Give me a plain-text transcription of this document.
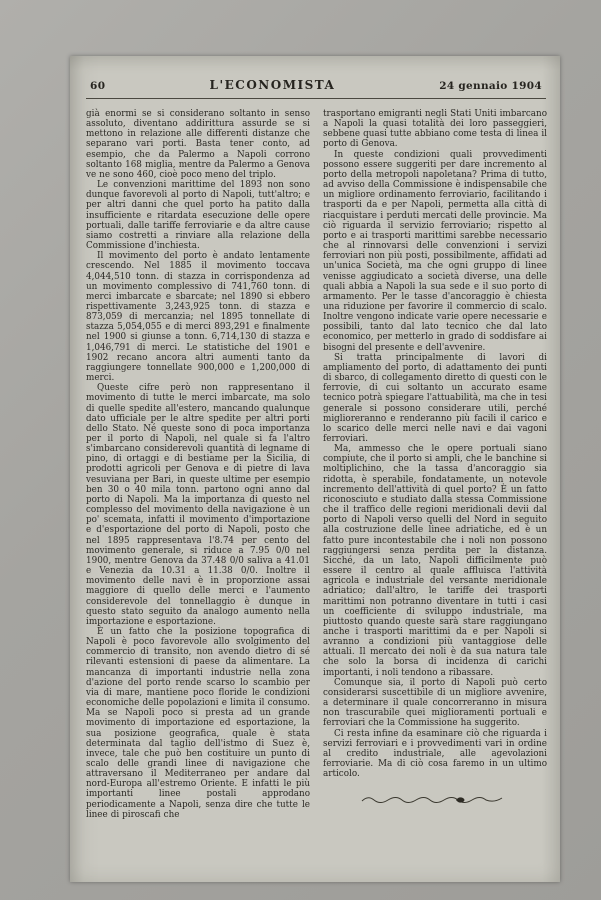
60	L'ECONOMISTA	24 gennaio 1904

già enormi se si considerano soltanto in senso assoluto, diventano addirittura assurde se si mettono in relazione alle differenti distanze che separano vari porti. Basta tener conto, ad esempio, che da Palermo a Napoli corrono soltanto 168 miglia, mentre da Palermo a Genova ve ne sono 460, cioè poco meno del triplo.

Le convenzioni marittime del 1893 non sono dunque favorevoli al porto di Napoli, tutt'altro; e per altri danni che quel porto ha patito dalla insufficiente e ritardata esecuzione delle opere portuali, dalle tariffe ferroviarie e da altre cause siamo costretti a rinviare alla relazione della Commissione d'inchiesta.

Il movimento del porto è andato lentamente crescendo. Nel 1885 il movimento toccava 4,044,510 tonn. di stazza in corrispondenza ad un movimento complessivo di 741,760 tonn. di merci imbarcate e sbarcate; nel 1890 si ebbero rispettivamente 3,243,925 tonn. di stazza e 873,059 di mercanzia; nel 1895 tonnellate di stazza 5,054,055 e di merci 893,291 e finalmente nel 1900 si giunse a tonn. 6,714,130 di stazza e 1,046,791 di merci. Le statistiche del 1901 e 1902 recano ancora altri aumenti tanto da raggiungere tonnellate 900,000 e 1,200,000 di merci.

Queste cifre però non rappresentano il movimento di tutte le merci imbarcate, ma solo di quelle spedite all'estero, mancando qualunque dato ufficiale per le altre spedite per altri porti dello Stato. Né queste sono di poca importanza per il porto di Napoli, nel quale si fa l'altro s'imbarcano considerevoli quantità di legname di pino, di ortaggi e di bestiame per la Sicilia, di prodotti agricoli per Genova e di pietre di lava vesuviana per Bari, in queste ultime per esempio ben 30 o 40 mila tonn. partono ogni anno dal porto di Napoli. Ma la importanza di questo nel complesso del movimento della navigazione è un po' scemata, infatti il movimento d'importazione e d'esportazione del porto di Napoli, posto che nel 1895 rappresentava l'8.74 per cento del movimento generale, si riduce a 7.95 0/0 nel 1900, mentre Genova da 37.48 0/0 saliva a 41.01 e Venezia da 10.31 a 11.38 0/0. Inoltre il movimento delle navi è in proporzione assai maggiore di quello delle merci e l'aumento considerevole del tonnellaggio è dunque in questo stato seguito da analogo aumento nella importazione e esportazione.

È un fatto che la posizione topografica di Napoli è poco favorevole allo svolgimento del commercio di transito, non avendo dietro di sé rilevanti estensioni di paese da alimentare. La mancanza di importanti industrie nella zona d'azione del porto rende scarso lo scambio per via di mare, mantiene poco floride le condizioni economiche delle popolazioni e limita il consumo. Ma se Napoli poco si presta ad un grande movimento di importazione ed esportazione, la sua posizione geografica, quale è stata determinata dal taglio dell'istmo di Suez è, invece, tale che può ben costituire un punto di scalo delle grandi linee di navigazione che attraversano il Mediterraneo per andare dal nord-Europa all'estremo Oriente. E infatti le più importanti linee postali approdano periodicamente a Napoli, senza dire che tutte le linee di piroscafi che

trasportano emigranti negli Stati Uniti imbarcano a Napoli la quasi totalità dei loro passeggieri, sebbene quasi tutte abbiano come testa di linea il porto di Genova.

In queste condizioni quali provvedimenti possono essere suggeriti per dare incremento al porto della metropoli napoletana? Prima di tutto, ad avviso della Commissione è indispensabile che un migliore ordinamento ferroviario, facilitando i trasporti da e per Napoli, permetta alla città di riacquistare i perduti mercati delle provincie. Ma ciò riguarda il servizio ferroviario; rispetto al porto e ai trasporti marittimi sarebbe necessario che al rinnovarsi delle convenzioni i servizi ferroviari non più posti, possibilmente, affidati ad un'unica Società, ma che ogni gruppo di linee venisse aggiudicato a società diverse, una delle quali abbia a Napoli la sua sede e il suo porto di armamento. Per le tasse d'ancoraggio è chiesta una riduzione per favorire il commercio di scalo. Inoltre vengono indicate varie opere necessarie e possibili, tanto dal lato tecnico che dal lato economico, per metterlo in grado di soddisfare ai bisogni del presente e dell'avvenire.

Si tratta principalmente di lavori di ampliamento del porto, di adattamento dei punti di sbarco, di collegamento diretto di questi con le ferrovie, di cui soltanto un accurato esame tecnico potrà spiegare l'attuabilità, ma che in tesi generale si possono considerare utili, perché miglioreranno e renderanno più facili il carico e lo scarico delle merci nelle navi e dai vagoni ferroviari.

Ma, ammesso che le opere portuali siano compiute, che il porto si ampli, che le banchine si moltiplichino, che la tassa d'ancoraggio sia ridotta, è sperabile, fondatamente, un notevole incremento dell'attività di quel porto? È un fatto riconosciuto e studiato dalla stessa Commissione che il traffico delle regioni meridionali devii dal porto di Napoli verso quelli del Nord in seguito alla costruzione delle linee adriatiche, ed è un fatto pure incontestabile che i noli non possono raggiungersi senza perdita per la distanza. Sicché, da un lato, Napoli difficilmente può essere il centro al quale affluisca l'attività agricola e industriale del versante meridionale adriatico; dall'altro, le tariffe dei trasporti marittimi non potranno diventare in tutti i casi un coefficiente di sviluppo industriale, ma piuttosto quando queste sarà stare raggiungano anche i trasporti marittimi da e per Napoli si avranno a condizioni più vantaggiose delle attuali. Il mercato dei noli è da sua natura tale che solo la borsa di incidenza di carichi importanti, i noli tendono a ribassare.

Comunque sia, il porto di Napoli può certo considerarsi suscettibile di un migliore avvenire, a determinare il quale concorreranno in misura non trascurabile quei miglioramenti portuali e ferroviari che la Commissione ha suggerito.

Ci resta infine da esaminare ciò che riguarda i servizi ferroviari e i provvedimenti vari in ordine al credito industriale, alle agevolazioni ferroviarie. Ma di ciò cosa faremo in un ultimo articolo.
